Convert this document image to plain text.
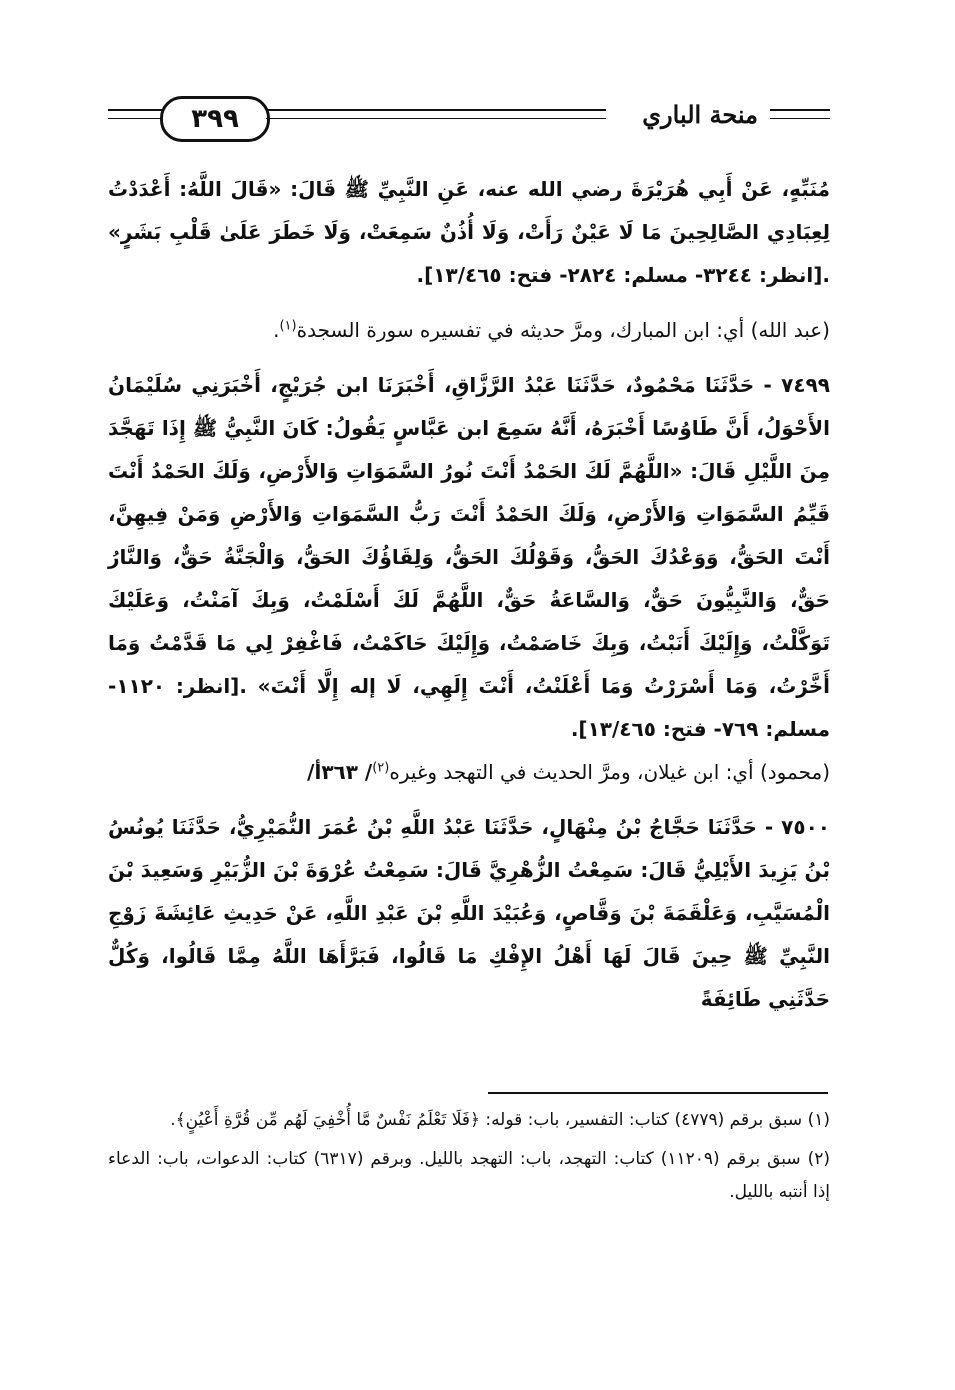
٣٩٩	منحة الباري

مُنَبِّهٍ، عَنْ أَبِي هُرَيْرَةَ رضي الله عنه، عَنِ النَّبِيِّ ﷺ قَالَ: «قَالَ اللَّهُ: أَعْدَدْتُ لِعِبَادِي الصَّالِحِينَ مَا لَا عَيْنٌ رَأَتْ، وَلَا أُذُنٌ سَمِعَتْ، وَلَا خَطَرَ عَلَىٰ قَلْبِ بَشَرٍ» .[انظر: ٣٢٤٤- مسلم: ٢٨٢٤- فتح: ١٣/٤٦٥].

(عبد الله) أي: ابن المبارك، ومرَّ حديثه في تفسيره سورة السجدة$^{(١)}$.

٧٤٩٩ - حَدَّثَنَا مَحْمُودٌ، حَدَّثَنَا عَبْدُ الرَّزَّاقِ، أَخْبَرَنَا ابن جُرَيْجٍ، أَخْبَرَنِي سُلَيْمَانُ الأَحْوَلُ، أَنَّ طَاوُسًا أَخْبَرَهُ، أَنَّهُ سَمِعَ ابن عَبَّاسٍ يَقُولُ: كَانَ النَّبِيُّ ﷺ إِذَا تَهَجَّدَ مِنَ اللَّيْلِ قَالَ: «اللَّهُمَّ لَكَ الحَمْدُ أَنْتَ نُورُ السَّمَوَاتِ وَالأَرْضِ، وَلَكَ الحَمْدُ أَنْتَ قَيِّمُ السَّمَوَاتِ وَالأَرْضِ، وَلَكَ الحَمْدُ أَنْتَ رَبُّ السَّمَوَاتِ وَالأَرْضِ وَمَنْ فِيهِنَّ، أَنْتَ الحَقُّ، وَوَعْدُكَ الحَقُّ، وَقَوْلُكَ الحَقُّ، وَلِقَاؤُكَ الحَقُّ، وَالْجَنَّةُ حَقٌّ، وَالنَّارُ حَقٌّ، وَالنَّبِيُّونَ حَقٌّ، وَالسَّاعَةُ حَقٌّ، اللَّهُمَّ لَكَ أَسْلَمْتُ، وَبِكَ آمَنْتُ، وَعَلَيْكَ تَوَكَّلْتُ، وَإِلَيْكَ أَنَبْتُ، وَبِكَ خَاصَمْتُ، وَإِلَيْكَ حَاكَمْتُ، فَاغْفِرْ لِي مَا قَدَّمْتُ وَمَا أَخَّرْتُ، وَمَا أَسْرَرْتُ وَمَا أَعْلَنْتُ، أَنْتَ إِلَهِي، لَا إله إِلَّا أَنْتَ» .[انظر: ١١٢٠- مسلم: ٧٦٩- فتح: ١٣/٤٦٥].

(محمود) أي: ابن غيلان، ومرَّ الحديث في التهجد وغيره$^{(٢)}$/ ٣٦٣أ/

٧٥٠٠ - حَدَّثَنَا حَجَّاجُ بْنُ مِنْهَالٍ، حَدَّثَنَا عَبْدُ اللَّهِ بْنُ عُمَرَ النُّمَيْرِيُّ، حَدَّثَنَا يُونُسُ بْنُ يَزِيدَ الأَيْلِيُّ قَالَ: سَمِعْتُ الزُّهْرِيَّ قَالَ: سَمِعْتُ عُرْوَةَ بْنَ الزُّبَيْرِ وَسَعِيدَ بْنَ الْمُسَيَّبِ، وَعَلْقَمَةَ بْنَ وَقَّاصٍ، وَعُبَيْدَ اللَّهِ بْنَ عَبْدِ اللَّهِ، عَنْ حَدِيثِ عَائِشَةَ زَوْجِ النَّبِيِّ ﷺ حِينَ قَالَ لَهَا أَهْلُ الإِفْكِ مَا قَالُوا، فَبَرَّأَهَا اللَّهُ مِمَّا قَالُوا، وَكُلٌّ حَدَّثَنِي طَائِفَةً

(١) سبق برقم (٤٧٧٩) كتاب: التفسير، باب: قوله: ﴿فَلَا تَعْلَمُ نَفْسٌ مَّا أُخْفِيَ لَهُم مِّن قُرَّةِ أَعْيُنٍ﴾.

(٢) سبق برقم (١١٢٠٩) كتاب: التهجد، باب: التهجد بالليل. وبرقم (٦٣١٧) كتاب: الدعوات، باب: الدعاء إذا أنتبه بالليل.
